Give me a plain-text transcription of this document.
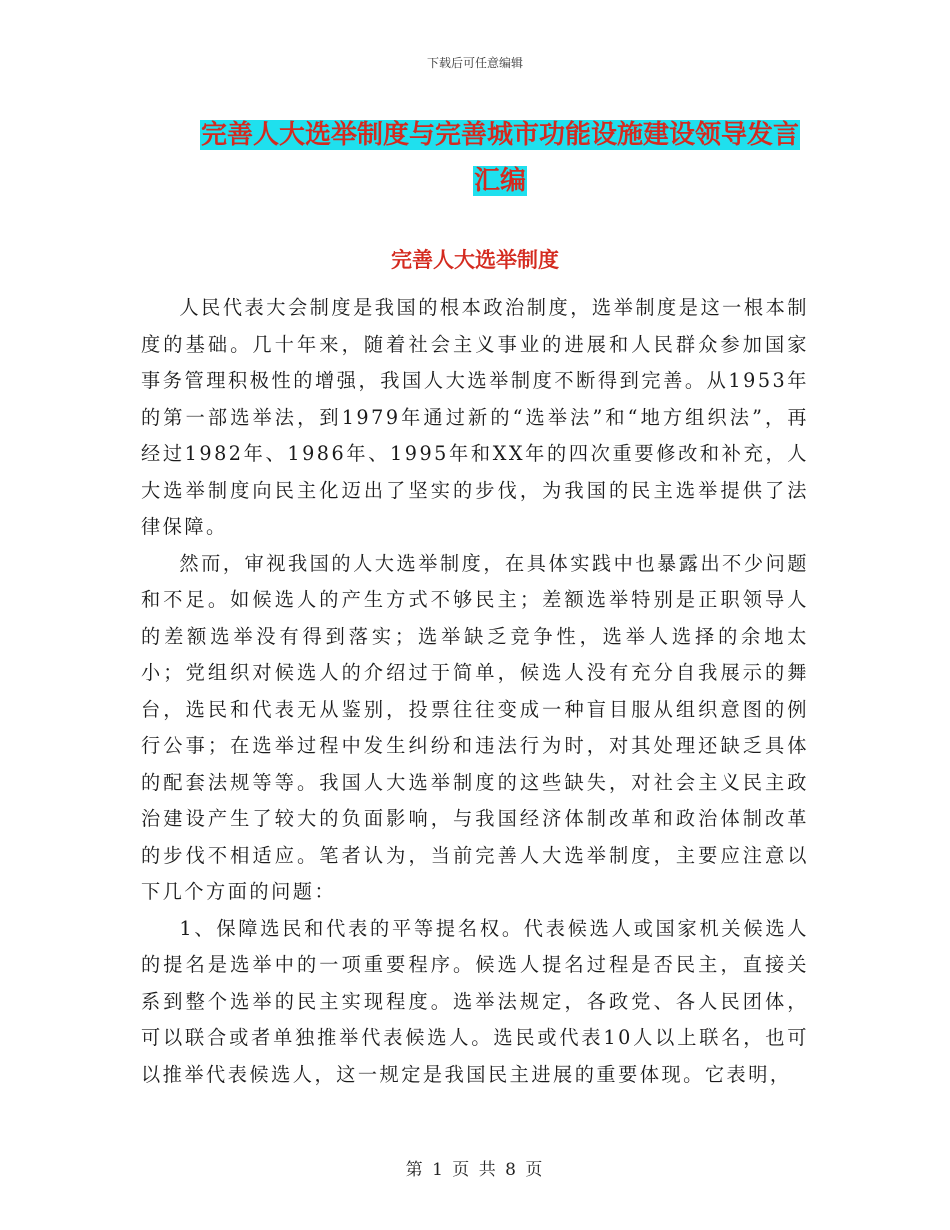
下载后可任意编辑
完善人大选举制度与完善城市功能设施建设领导发言
汇编
完善人大选举制度

人民代表大会制度是我国的根本政治制度，选举制度是这一根本制度的基础。几十年来，随着社会主义事业的进展和人民群众参加国家事务管理积极性的增强，我国人大选举制度不断得到完善。从1953年的第一部选举法，到1979年通过新的“选举法”和“地方组织法”，再经过1982年、1986年、1995年和XX年的四次重要修改和补充，人大选举制度向民主化迈出了坚实的步伐，为我国的民主选举提供了法律保障。

然而，审视我国的人大选举制度，在具体实践中也暴露出不少问题和不足。如候选人的产生方式不够民主；差额选举特别是正职领导人的差额选举没有得到落实；选举缺乏竞争性，选举人选择的余地太小；党组织对候选人的介绍过于简单，候选人没有充分自我展示的舞台，选民和代表无从鉴别，投票往往变成一种盲目服从组织意图的例行公事；在选举过程中发生纠纷和违法行为时，对其处理还缺乏具体的配套法规等等。我国人大选举制度的这些缺失，对社会主义民主政治建设产生了较大的负面影响，与我国经济体制改革和政治体制改革的步伐不相适应。笔者认为，当前完善人大选举制度，主要应注意以下几个方面的问题：

1、保障选民和代表的平等提名权。代表候选人或国家机关候选人的提名是选举中的一项重要程序。候选人提名过程是否民主，直接关系到整个选举的民主实现程度。选举法规定，各政党、各人民团体，可以联合或者单独推举代表候选人。选民或代表10人以上联名，也可以推举代表候选人，这一规定是我国民主进展的重要体现。它表明，

第 1 页 共 8 页
